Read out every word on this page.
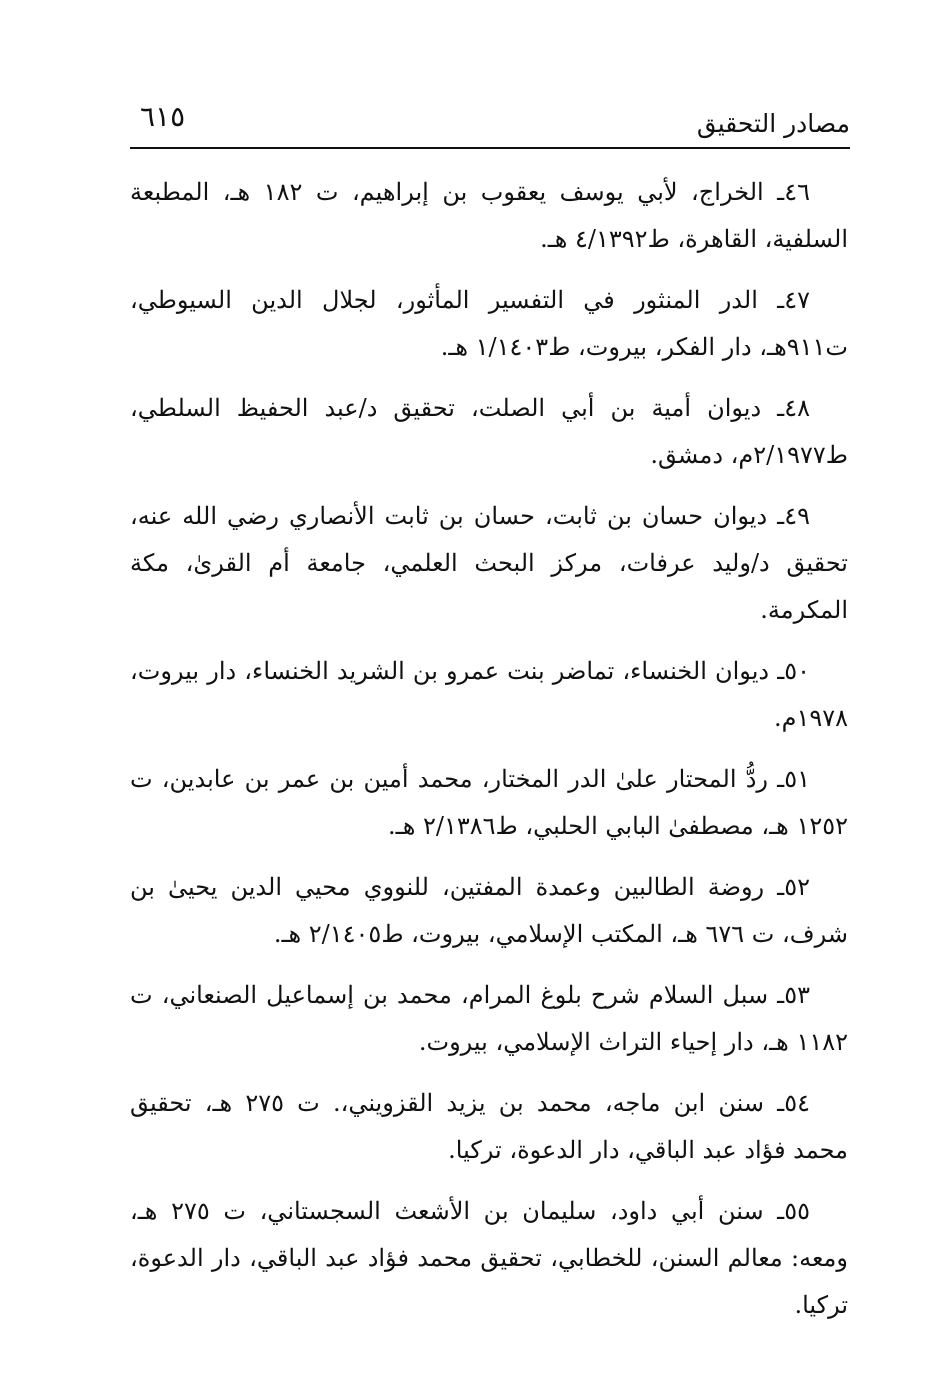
مصادر التحقيق
٦١٥

٤٦ـ الخراج، لأبي يوسف يعقوب بن إبراهيم، ت ١٨٢ هـ، المطبعة السلفية، القاهرة، ط٤/١٣٩٢ هـ.

٤٧ـ الدر المنثور في التفسير المأثور، لجلال الدين السيوطي، ت٩١١هـ، دار الفكر، بيروت، ط١/١٤٠٣ هـ.

٤٨ـ ديوان أمية بن أبي الصلت، تحقيق د/عبد الحفيظ السلطي، ط٢/١٩٧٧م، دمشق.

٤٩ـ ديوان حسان بن ثابت، حسان بن ثابت الأنصاري رضي الله عنه، تحقيق د/وليد عرفات، مركز البحث العلمي، جامعة أم القرىٰ، مكة المكرمة.

٥٠ـ ديوان الخنساء، تماضر بنت عمرو بن الشريد الخنساء، دار بيروت، ١٩٧٨م.

٥١ـ ردُّ المحتار علىٰ الدر المختار، محمد أمين بن عمر بن عابدين، ت ١٢٥٢ هـ، مصطفىٰ البابي الحلبي، ط٢/١٣٨٦ هـ.

٥٢ـ روضة الطالبين وعمدة المفتين، للنووي محيي الدين يحيىٰ بن شرف، ت ٦٧٦ هـ، المكتب الإسلامي، بيروت، ط٢/١٤٠٥ هـ.

٥٣ـ سبل السلام شرح بلوغ المرام، محمد بن إسماعيل الصنعاني، ت ١١٨٢ هـ، دار إحياء التراث الإسلامي، بيروت.

٥٤ـ سنن ابن ماجه، محمد بن يزيد القزويني،. ت ٢٧٥ هـ، تحقيق محمد فؤاد عبد الباقي، دار الدعوة، تركيا.

٥٥ـ سنن أبي داود، سليمان بن الأشعث السجستاني، ت ٢٧٥ هـ، ومعه: معالم السنن، للخطابي، تحقيق محمد فؤاد عبد الباقي، دار الدعوة، تركيا.
